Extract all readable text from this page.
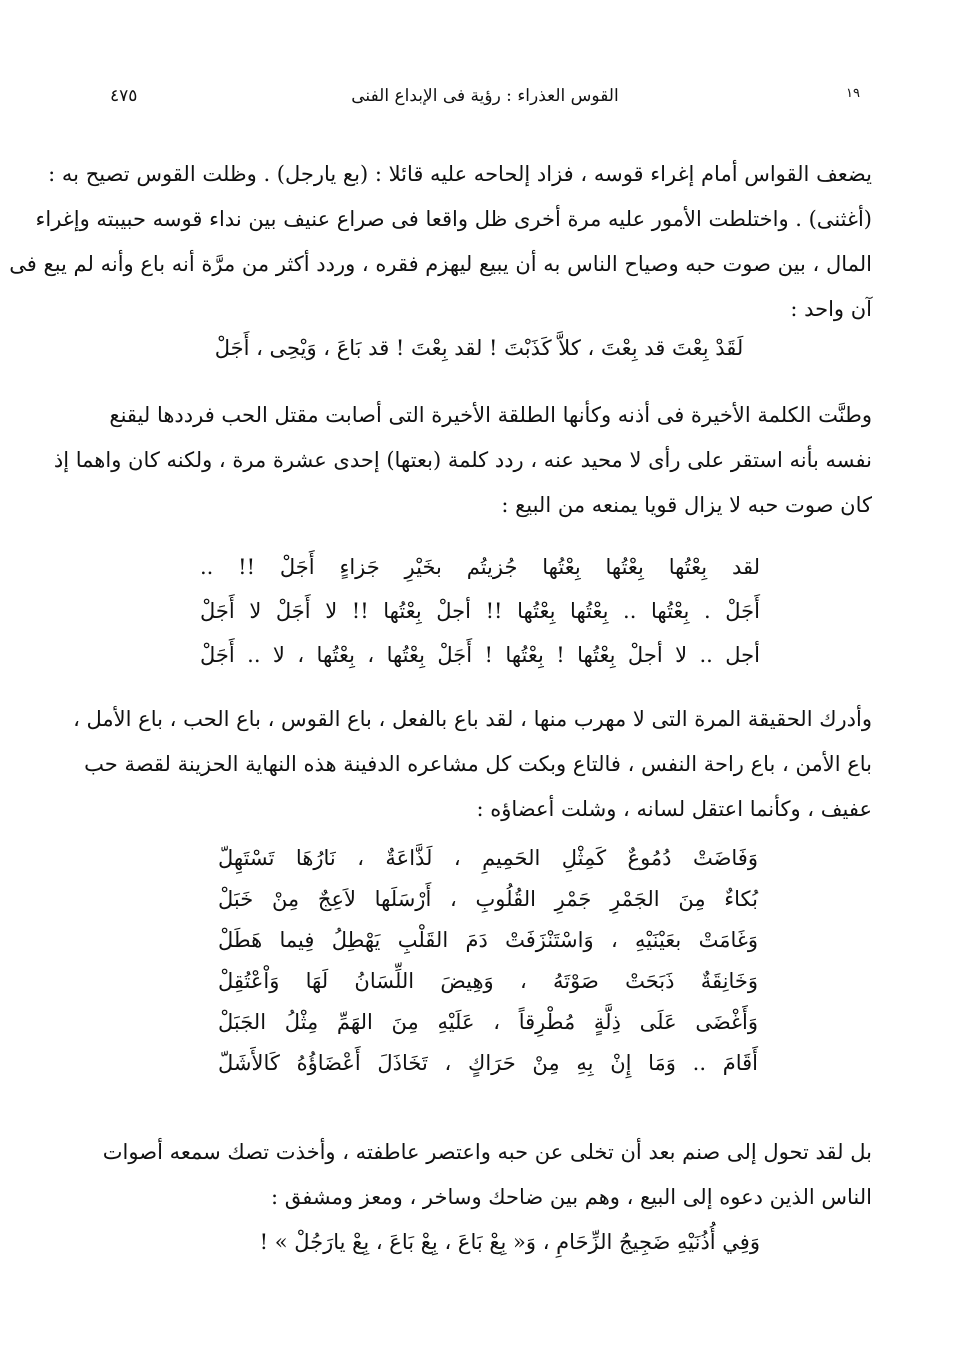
٤٧٥	القوس العذراء : رؤية فى الإبداع الفنى	١٩
يضعف القواس أمام إغراء قوسه ، فزاد إلحاحه عليه قائلا : (بع يارجل) . وظلت القوس تصيح به :
(أغثنى) . واختلطت الأمور عليه مرة أخرى ظل واقعا فى صراع عنيف بين نداء قوسه حبيبته وإغراء
المال ، بين صوت حبه وصياح الناس به أن يبيع ليهزم فقره ، وردد أكثر من مرَّة أنه باع وأنه لم يبع فى
آن واحد :
لَقَدْ بِعْتَ قد بِعْتَ ، كلاَّ كَذَبْتَ ! لقد بِعْتَ ! قد بَاعَ ، وَيْحِى ، أَجَلْ
وطنَّت الكلمة الأخيرة فى أذنه وكأنها الطلقة الأخيرة التى أصابت مقتل الحب فرددها ليقنع
نفسه بأنه استقر على رأى لا محيد عنه ، ردد كلمة (بعتها) إحدى عشرة مرة ، ولكنه كان واهما إذ
كان صوت حبه لا يزال قويا يمنعه من البيع :
لقد بِعْتُها بِعْتُها بِعْتُها جُزيتُم بخَيْرِ جَزاءٍ أَجَلْ !! ..
أَجَلْ . بِعْتُها .. بِعْتُها بِعْتُها !! أجلْ بِعْتُها !! لا أَجَلْ لا أَجَلْ
أجل .. لا أجلْ بِعْتُها ! بِعْتُها ! أَجَلْ بِعْتُها ، بِعْتُها ، لا .. أَجَلْ
وأدرك الحقيقة المرة التى لا مهرب منها ، لقد باع بالفعل ، باع القوس ، باع الحب ، باع الأمل ،
باع الأمن ، باع راحة النفس ، فالتاع وبكت كل مشاعره الدفينة هذه النهاية الحزينة لقصة حب
عفيف ، وكأنما اعتقل لسانه ، وشلت أعضاؤه :
وَفَاضَتْ دُمُوعٌ كَمِثْلِ الحَمِيمِ ، لَذَّاعَةٌ ، نَارُهَا تَسْتَهِلّ
بُكاءٌ مِنَ الجَمْرِ جَمْرِ القُلُوبِ ، أَرْسَلَها لاَعِجٌ مِنْ خَبَلْ
وَغَامَتْ بعَيْنَيْهِ ، وَاسْتَنْزَفَتْ دَمَ القَلْبِ يَهْطِلُ فِيما هَطَلْ
وَخَانِقَةٌ ذَبَحَتْ صَوْتَهُ ، وَهِيضَ اللِّسَانُ لَهَا وَاْعْتُقِلْ
وَأَغْضَى عَلَى ذِلَّةٍ مُطْرِقاً ، عَلَيْهِ مِنَ الهَمِّ مِثْلُ الجَبَلْ
أَقَامَ .. وَمَا إِنْ بِهِ مِنْ حَرَاكٍ ، تَخَاذَلَ أَعْضَاؤُهُ كَالأَشَلّ
بل لقد تحول إلى صنم بعد أن تخلى عن حبه واعتصر عاطفته ، وأخذت تصك سمعه أصوات
الناس الذين دعوه إلى البيع ، وهم بين ضاحك وساخر ، ومعز ومشفق :
وَفِي أُذُنَيْهِ ضَجِيجُ الزِّحَامِ ، وَ« بِعْ بَاعَ ، بِعْ بَاعَ ، بِعْ يارَجُلْ » !
